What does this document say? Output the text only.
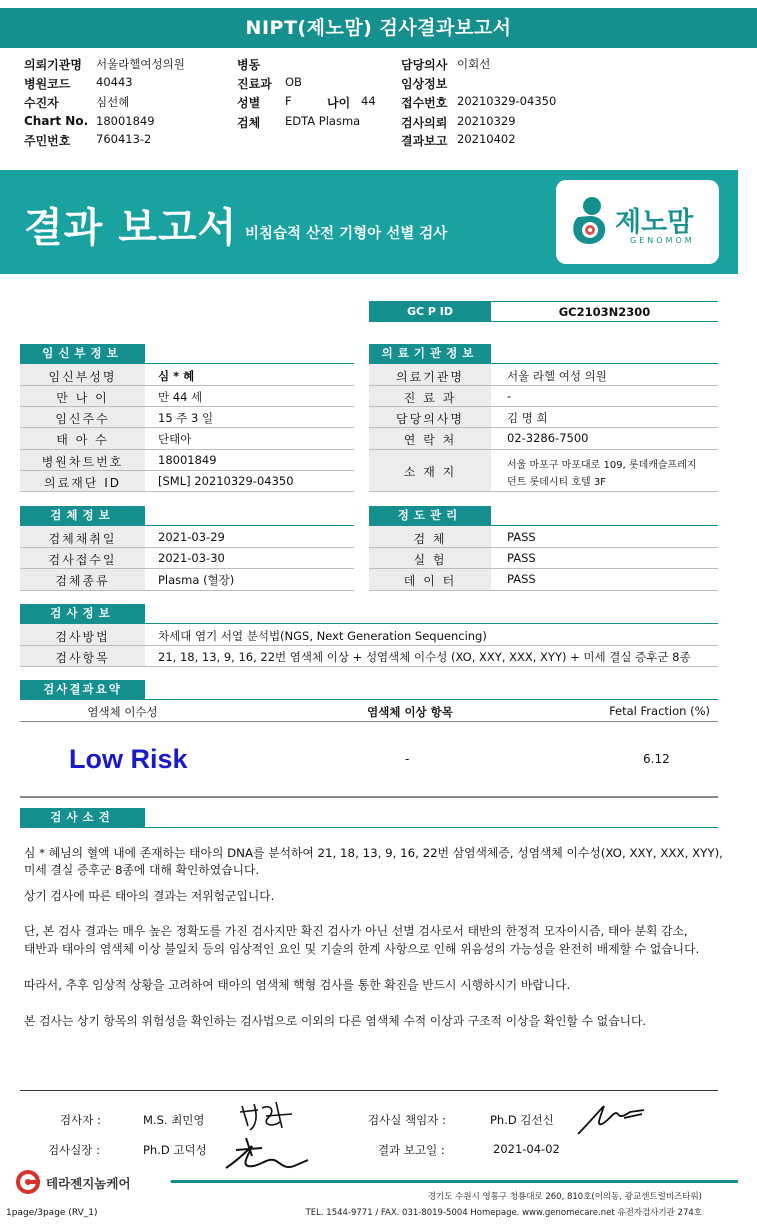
NIPT(제노맘) 검사결과보고서
의뢰기관명 서울라헬여성의원
병원코드 40443
수진자	심선혜
Chart No. 18001849
주민번호 760413-2
병동
진료과 OB
성별 F	나이 44
검체 EDTA Plasma
담당의사 이회선
임상정보
접수번호 20210329-04350
검사의뢰 20210329
결과보고 20210402
결과 보고서 비침습적 산전 기형아 선별 검사	제노맘
GENOMOM
GC P ID	GC2103N2300
임신부정보
임신부성명	심 * 혜
만 나 이	만 44 세
임신주수	15 주 3 일
태 아 수	단태아
병원차트번호	18001849
의료재단 ID	[SML] 20210329-04350
의료기관정보
의료기관명	서울 라헬 여성 의원
진 료 과	-
담당의사명	김 명 희
연 락 처	02-3286-7500
소 재 지	서울 마포구 마포대로 109, 롯데캐슬프레지
던트 롯데시티 호텔 3F
검체정보
검체채취일	2021-03-29
검사접수일	2021-03-30
검체종류	Plasma (혈장)
정도관리
검 체	PASS
실 험	PASS
데 이 터	PASS
검사정보
검사방법	차세대 염기 서열 분석법(NGS, Next Generation Sequencing)
검사항목	21, 18, 13, 9, 16, 22번 염색체 이상 + 성염색체 이수성 (XO, XXY, XXX, XYY) + 미세 결실 증후군 8종
검사결과요약
염색체 이수성	염색체 이상 항목	Fetal Fraction (%)
Low Risk	-	6.12
검사소견
심 * 혜님의 혈액 내에 존재하는 태아의 DNA를 분석하여 21, 18, 13, 9, 16, 22번 삼염색체증, 성염색체 이수성(XO, XXY, XXX, XYY),
미세 결실 증후군 8종에 대해 확인하였습니다.
상기 검사에 따른 태아의 결과는 저위험군입니다.
단, 본 검사 결과는 매우 높은 정확도를 가진 검사지만 확진 검사가 아닌 선별 검사로서 태반의 한정적 모자이시즘, 태아 분획 감소,
태반과 태아의 염색체 이상 불일치 등의 임상적인 요인 및 기술의 한계 사항으로 인해 위음성의 가능성을 완전히 배제할 수 없습니다.
따라서, 추후 임상적 상황을 고려하여 태아의 염색체 핵형 검사를 통한 확진을 반드시 시행하시기 바랍니다.
본 검사는 상기 항목의 위험성을 확인하는 검사법으로 이외의 다른 염색체 수적 이상과 구조적 이상을 확인할 수 없습니다.
검사자 :	M.S. 최민영	검사실 책임자 :	Ph.D 김선신
검사실장 :	Ph.D 고덕성	결과 보고일 :	2021-04-02
테라젠지놈케어
경기도 수원시 영통구 청룡대로 260, 810호(이의동, 광교센트럴비즈타워)
TEL. 1544-9771 / FAX. 031-8019-5004 Homepage. www.genomecare.net 유전자검사기관 274호
1page/3page (RV_1)
